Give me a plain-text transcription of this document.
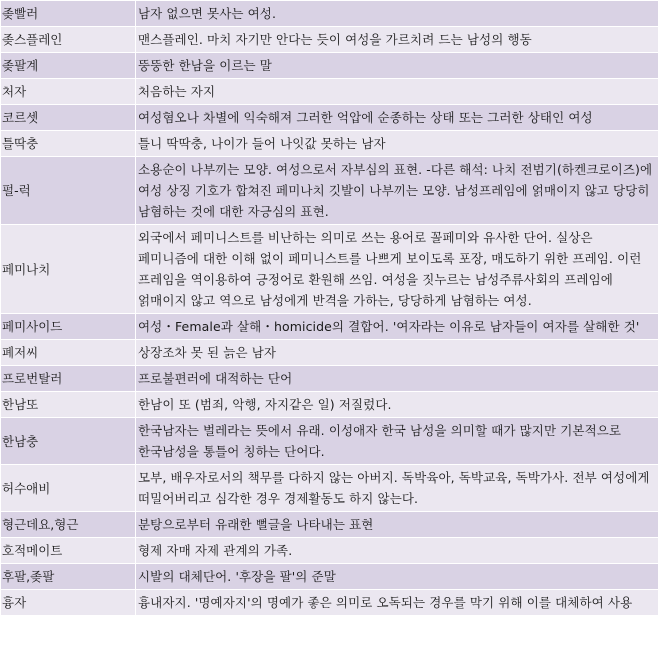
좆빨러	남자 없으면 못사는 여성.
좆스플레인	맨스플레인. 마치 자기만 안다는 듯이 여성을 가르치려 드는 남성의 행동
좆팔계	뚱뚱한 한남을 이르는 말
처자	처음하는 자지
코르셋	여성혐오나 차별에 익숙해져 그러한 억압에 순종하는 상태 또는 그러한 상태인 여성
틀딱충	틀니 딱딱충, 나이가 들어 나잇값 못하는 남자
펄-럭	소용순이 나부끼는 모양. 여성으로서 자부심의 표현. -다른 해석: 나치 전범기(하켄크로이즈)에 여성 상징 기호가 합쳐진 페미나치 깃발이 나부끼는 모양. 남성프레임에 얽매이지 않고 당당히 남혐하는 것에 대한 자긍심의 표현.
페미나치	외국에서 페미니스트를 비난하는 의미로 쓰는 용어로 꼴페미와 유사한 단어. 실상은 페미니즘에 대한 이해 없이 페미니스트를 나쁘게 보이도록 포장, 매도하기 위한 프레임. 이런 프레임을 역이용하여 긍정어로 환원해 쓰임. 여성을 짓누르는 남성주류사회의 프레임에 얽매이지 않고 역으로 남성에게 반격을 가하는, 당당하게 남혐하는 여성.
페미사이드	여성・Female과 살해・homicide의 결합어. '여자라는 이유로 남자들이 여자를 살해한 것'
폐저씨	상장조차 못 된 늙은 남자
프로번탈러	프로불편러에 대적하는 단어
한남또	한남이 또 (범죄, 악행, 자지같은 일) 저질렀다.
한남충	한국남자는 벌레라는 뜻에서 유래. 이성애자 한국 남성을 의미할 때가 많지만 기본적으로 한국남성을 통틀어 칭하는 단어다.
허수애비	모부, 배우자로서의 책무를 다하지 않는 아버지. 독박육아, 독박교육, 독박가사. 전부 여성에게 떠밀어버리고 심각한 경우 경제활동도 하지 않는다.
형근데요,형근	분탕으로부터 유래한 뻘글을 나타내는 표현
호적메이트	형제 자매 자제 관계의 가족.
후팔,좆팔	시발의 대체단어. '후장을 팔'의 준말
흉자	흉내자지. '명예자지'의 명예가 좋은 의미로 오독되는 경우를 막기 위해 이를 대체하여 사용
